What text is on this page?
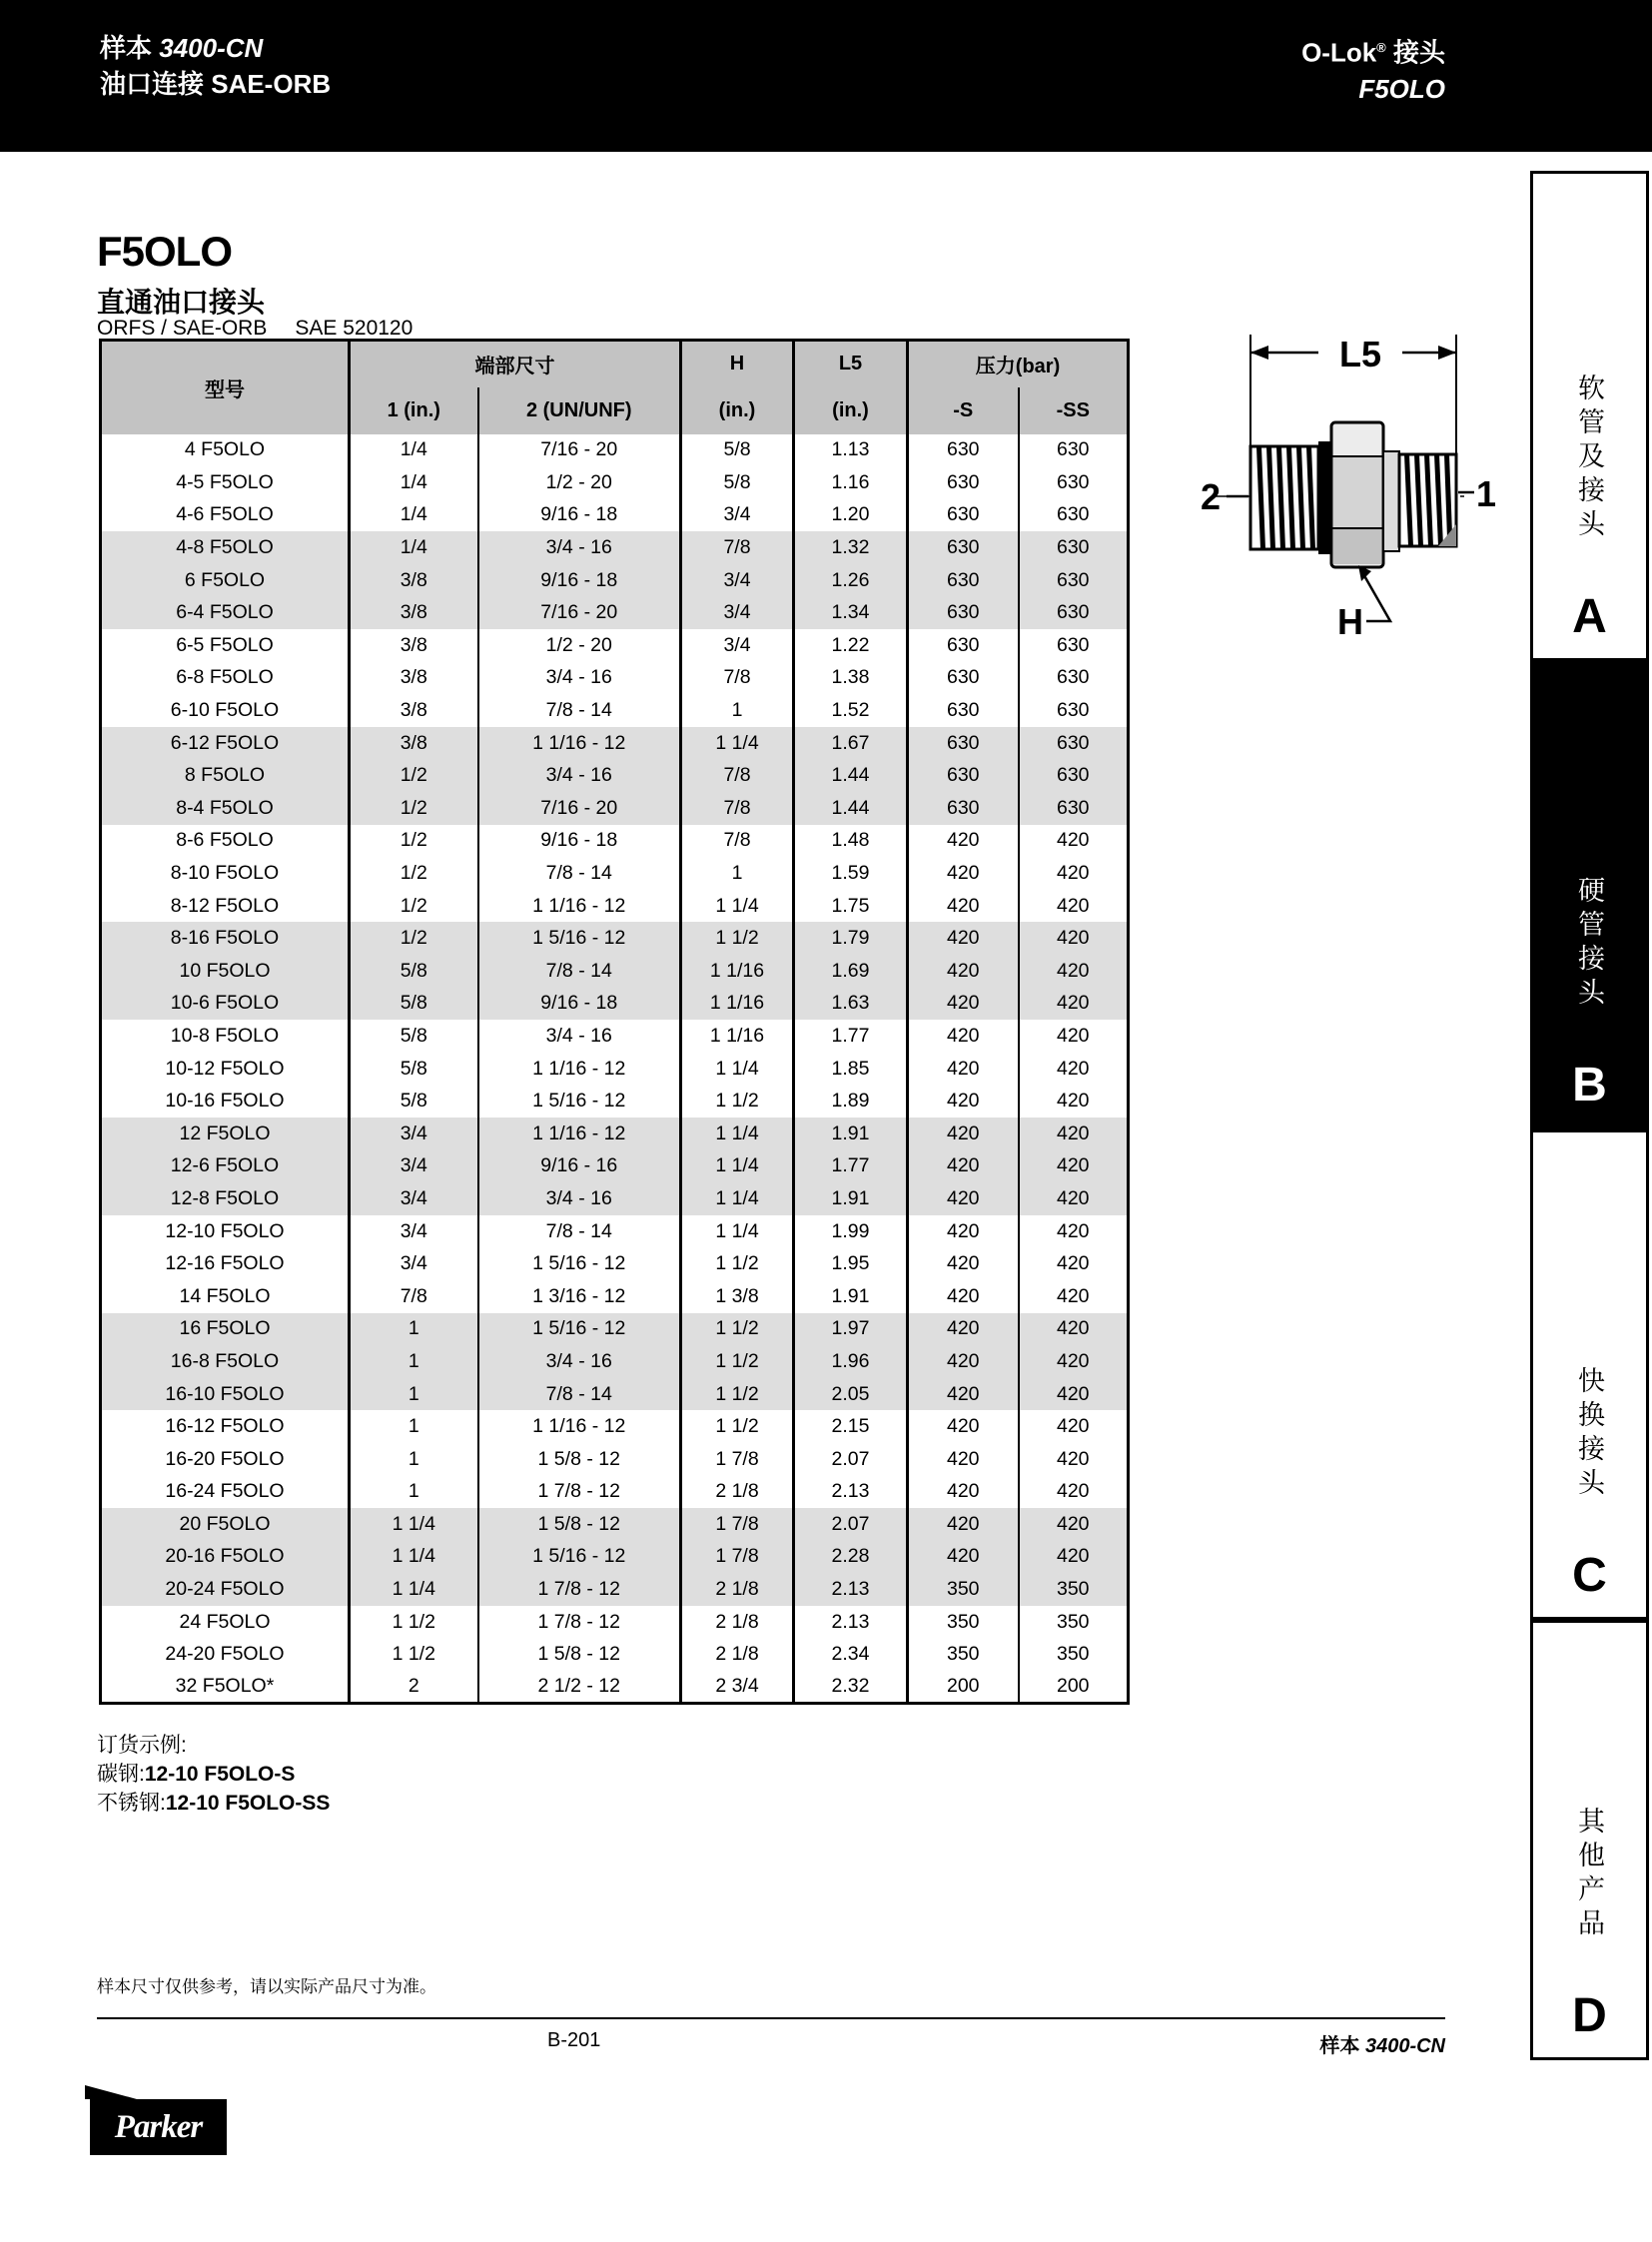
样本 3400-CN
油口连接 SAE-ORB
O-Lok® 接头
F5OLO
F5OLO
直通油口接头
ORFS / SAE-ORB SAE 520120
型号	端部尺寸		H	L5	压力(bar)	
	1 (in.)	2 (UN/UNF)	(in.)	(in.)	-S	-SS
4 F5OLO	1/4	7/16 - 20	5/8	1.13	630	630
4-5 F5OLO	1/4	1/2 - 20	5/8	1.16	630	630
4-6 F5OLO	1/4	9/16 - 18	3/4	1.20	630	630
4-8 F5OLO	1/4	3/4 - 16	7/8	1.32	630	630
6 F5OLO	3/8	9/16 - 18	3/4	1.26	630	630
6-4 F5OLO	3/8	7/16 - 20	3/4	1.34	630	630
6-5 F5OLO	3/8	1/2 - 20	3/4	1.22	630	630
6-8 F5OLO	3/8	3/4 - 16	7/8	1.38	630	630
6-10 F5OLO	3/8	7/8 - 14	1	1.52	630	630
6-12 F5OLO	3/8	1 1/16 - 12	1 1/4	1.67	630	630
8 F5OLO	1/2	3/4 - 16	7/8	1.44	630	630
8-4 F5OLO	1/2	7/16 - 20	7/8	1.44	630	630
8-6 F5OLO	1/2	9/16 - 18	7/8	1.48	420	420
8-10 F5OLO	1/2	7/8 - 14	1	1.59	420	420
8-12 F5OLO	1/2	1 1/16 - 12	1 1/4	1.75	420	420
8-16 F5OLO	1/2	1 5/16 - 12	1 1/2	1.79	420	420
10 F5OLO	5/8	7/8 - 14	1 1/16	1.69	420	420
10-6 F5OLO	5/8	9/16 - 18	1 1/16	1.63	420	420
10-8 F5OLO	5/8	3/4 - 16	1 1/16	1.77	420	420
10-12 F5OLO	5/8	1 1/16 - 12	1 1/4	1.85	420	420
10-16 F5OLO	5/8	1 5/16 - 12	1 1/2	1.89	420	420
12 F5OLO	3/4	1 1/16 - 12	1 1/4	1.91	420	420
12-6 F5OLO	3/4	9/16 - 16	1 1/4	1.77	420	420
12-8 F5OLO	3/4	3/4 - 16	1 1/4	1.91	420	420
12-10 F5OLO	3/4	7/8 - 14	1 1/4	1.99	420	420
12-16 F5OLO	3/4	1 5/16 - 12	1 1/2	1.95	420	420
14 F5OLO	7/8	1 3/16 - 12	1 3/8	1.91	420	420
16 F5OLO	1	1 5/16 - 12	1 1/2	1.97	420	420
16-8 F5OLO	1	3/4 - 16	1 1/2	1.96	420	420
16-10 F5OLO	1	7/8 - 14	1 1/2	2.05	420	420
16-12 F5OLO	1	1 1/16 - 12	1 1/2	2.15	420	420
16-20 F5OLO	1	1 5/8 - 12	1 7/8	2.07	420	420
16-24 F5OLO	1	1 7/8 - 12	2 1/8	2.13	420	420
20 F5OLO	1 1/4	1 5/8 - 12	1 7/8	2.07	420	420
20-16 F5OLO	1 1/4	1 5/16 - 12	1 7/8	2.28	420	420
20-24 F5OLO	1 1/4	1 7/8 - 12	2 1/8	2.13	350	350
24 F5OLO	1 1/2	1 7/8 - 12	2 1/8	2.13	350	350
24-20 F5OLO	1 1/2	1 5/8 - 12	2 1/8	2.34	350	350
32 F5OLO*	2	2 1/2 - 12	2 3/4	2.32	200	200
L5
2	1
H
订货示例:
碳钢:12-10 F5OLO-S
不锈钢:12-10 F5OLO-SS
软管及接头
A
硬管接头
B
快换接头
C
其他产品
D
样本尺寸仅供参考，请以实际产品尺寸为准。
B-201	样本 3400-CN
Parker
